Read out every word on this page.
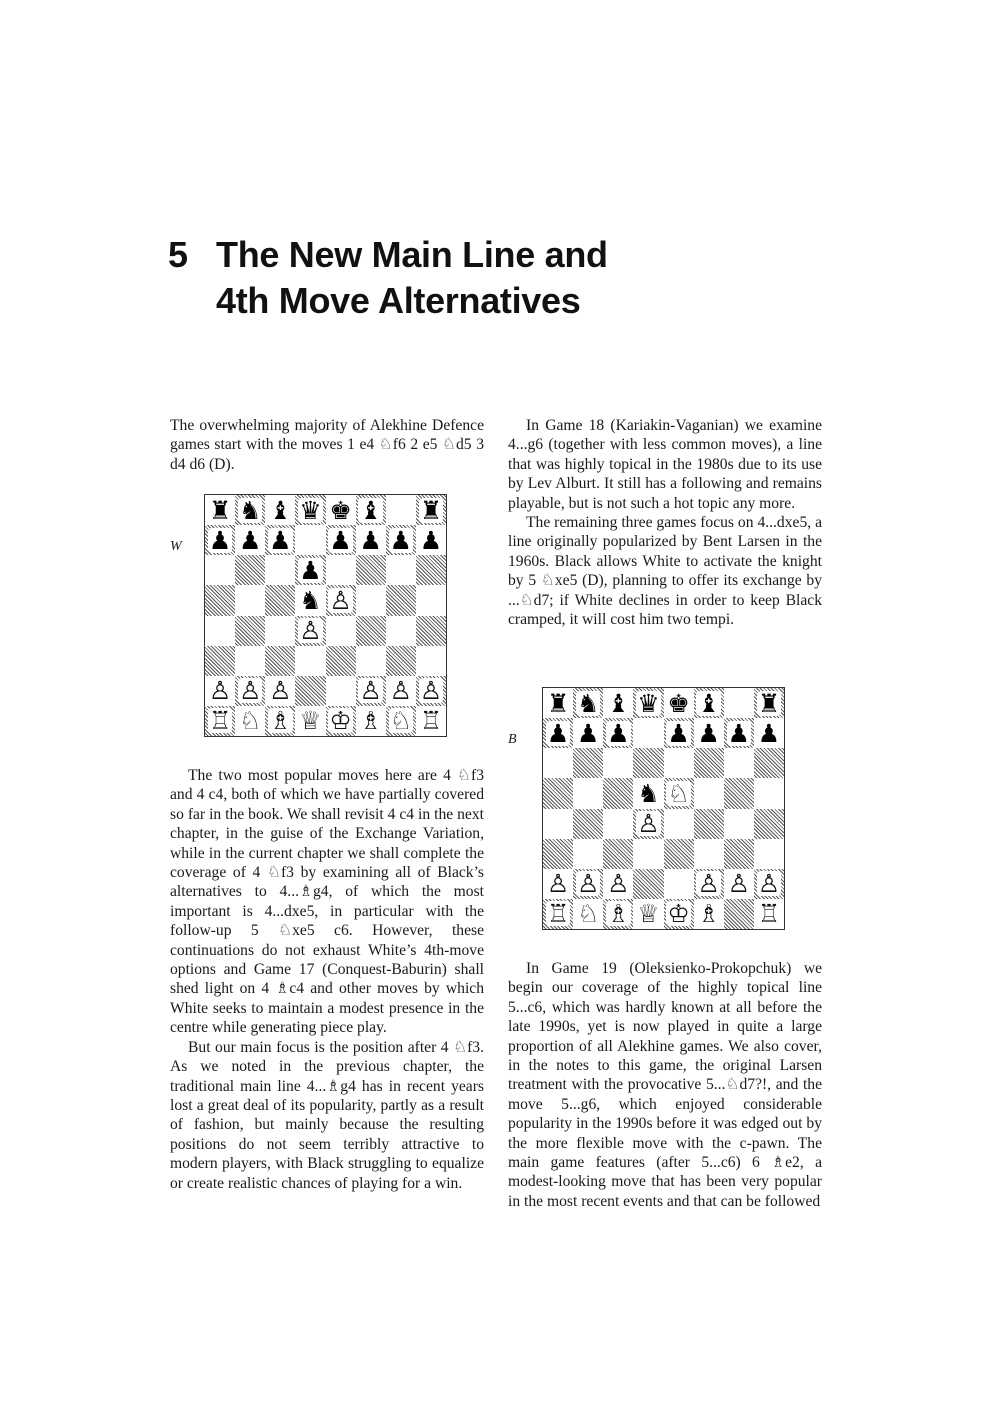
5 The New Main Line and
4th Move Alternatives

The overwhelming majority of Alekhine Defence games start with the moves 1 e4 ♘f6 2 e5 ♘d5 3 d4 d6 (D).

W
♜ ♞ ♝ ♛ ♚ ♝ ♜
♟ ♟ ♟ ♟ ♟ ♟ ♟
♟
♞ ♙
♙
♙ ♙ ♙	♙ ♙ ♙
♖ ♘ ♗ ♕ ♔ ♗ ♘ ♖

The two most popular moves here are 4 ♘f3 and 4 c4, both of which we have partially covered so far in the book. We shall revisit 4 c4 in the next chapter, in the guise of the Exchange Variation, while in the current chapter we shall complete the coverage of 4 ♘f3 by examining all of Black’s alternatives to 4...♗g4, of which the most important is 4...dxe5, in particular with the follow-up 5 ♘xe5 c6. However, these continuations do not exhaust White’s 4th-move options and Game 17 (Conquest-Baburin) shall shed light on 4 ♗c4 and other moves by which White seeks to maintain a modest presence in the centre while generating piece play.

But our main focus is the position after 4 ♘f3. As we noted in the previous chapter, the traditional main line 4...♗g4 has in recent years lost a great deal of its popularity, partly as a result of fashion, but mainly because the resulting positions do not seem terribly attractive to modern players, with Black struggling to equalize or create realistic chances of playing for a win.

In Game 18 (Kariakin-Vaganian) we examine 4...g6 (together with less common moves), a line that was highly topical in the 1980s due to its use by Lev Alburt. It still has a following and remains playable, but is not such a hot topic any more.

The remaining three games focus on 4...dxe5, a line originally popularized by Bent Larsen in the 1960s. Black allows White to activate the knight by 5 ♘xe5 (D), planning to offer its exchange by ...♘d7; if White declines in order to keep Black cramped, it will cost him two tempi.

B
♜ ♞ ♝ ♛ ♚ ♝ ♜
♟ ♟ ♟ ♟ ♟ ♟ ♟
♞ ♘
♙
♙ ♙ ♙	♙ ♙ ♙
♖ ♘ ♗ ♕ ♔ ♗ ♖

In Game 19 (Oleksienko-Prokopchuk) we begin our coverage of the highly topical line 5...c6, which was hardly known at all before the late 1990s, yet is now played in quite a large proportion of all Alekhine games. We also cover, in the notes to this game, the original Larsen treatment with the provocative 5...♘d7?!, and the move 5...g6, which enjoyed considerable popularity in the 1990s before it was edged out by the more flexible move with the c-pawn. The main game features (after 5...c6) 6 ♗e2, a modest-looking move that has been very popular in the most recent events and that can be followed
